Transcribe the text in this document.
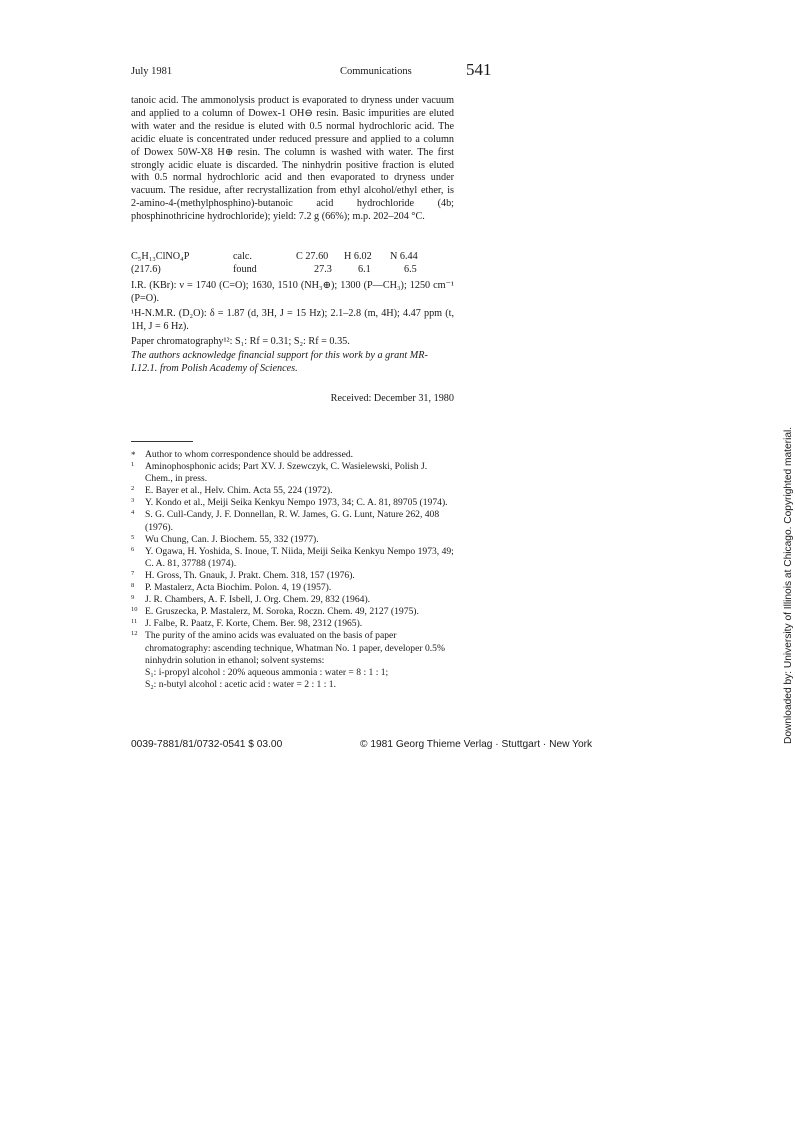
July 1981	Communications	541
tanoic acid. The ammonolysis product is evaporated to dryness under vacuum and applied to a column of Dowex-1 OH⊖ resin. Basic impurities are eluted with water and the residue is eluted with 0.5 normal hydrochloric acid. The acidic eluate is concentrated under reduced pressure and applied to a column of Dowex 50W-X8 H⊕ resin. The column is washed with water. The first strongly acidic eluate is discarded. The ninhydrin positive fraction is eluted with 0.5 normal hydrochloric acid and then evaporated to dryness under vacuum. The residue, after recrystallization from ethyl alcohol/ethyl ether, is 2-amino-4-(methylphosphino)-butanoic acid hydrochloride (4b; phosphinothricine hydrochloride); yield: 7.2 g (66%); m.p. 202–204 °C.
C₅H₁₃ClNO₄P	calc.	C 27.60 H 6.02 N 6.44
(217.6)	found	27.3	6.1	6.5
I.R. (KBr): ν = 1740 (C=O); 1630, 1510 (NH₃⊕); 1300 (P—CH₃); 1250 cm⁻¹ (P=O).
¹H-N.M.R. (D₂O): δ = 1.87 (d, 3H, J = 15 Hz); 2.1–2.8 (m, 4H); 4.47 ppm (t, 1H, J = 6 Hz).
Paper chromatography¹²: S₁: Rf = 0.31; S₂: Rf = 0.35.
The authors acknowledge financial support for this work by a grant MR-I.12.1. from Polish Academy of Sciences.
Received: December 31, 1980
* Author to whom correspondence should be addressed.
1 Aminophosphonic acids; Part XV. J. Szewczyk, C. Wasielewski, Polish J. Chem., in press.
2 E. Bayer et al., Helv. Chim. Acta 55, 224 (1972).
3 Y. Kondo et al., Meiji Seika Kenkyu Nempo 1973, 34; C. A. 81, 89705 (1974).
4 S. G. Cull-Candy, J. F. Donnellan, R. W. James, G. G. Lunt, Nature 262, 408 (1976).
5 Wu Chung, Can. J. Biochem. 55, 332 (1977).
6 Y. Ogawa, H. Yoshida, S. Inoue, T. Niida, Meiji Seika Kenkyu Nempo 1973, 49; C. A. 81, 37788 (1974).
7 H. Gross, Th. Gnauk, J. Prakt. Chem. 318, 157 (1976).
8 P. Mastalerz, Acta Biochim. Polon. 4, 19 (1957).
9 J. R. Chambers, A. F. Isbell, J. Org. Chem. 29, 832 (1964).
10 E. Gruszecka, P. Mastalerz, M. Soroka, Roczn. Chem. 49, 2127 (1975).
11 J. Falbe, R. Paatz, F. Korte, Chem. Ber. 98, 2312 (1965).
12 The purity of the amino acids was evaluated on the basis of paper chromatography: ascending technique, Whatman No. 1 paper, developer 0.5% ninhydrin solution in ethanol; solvent systems:
S₁: i-propyl alcohol : 20% aqueous ammonia : water = 8 : 1 : 1;
S₂: n-butyl alcohol : acetic acid : water = 2 : 1 : 1.
0039-7881/81/0732-0541 $ 03.00	© 1981 Georg Thieme Verlag · Stuttgart · New York
Downloaded by: University of Illinois at Chicago. Copyrighted material.
